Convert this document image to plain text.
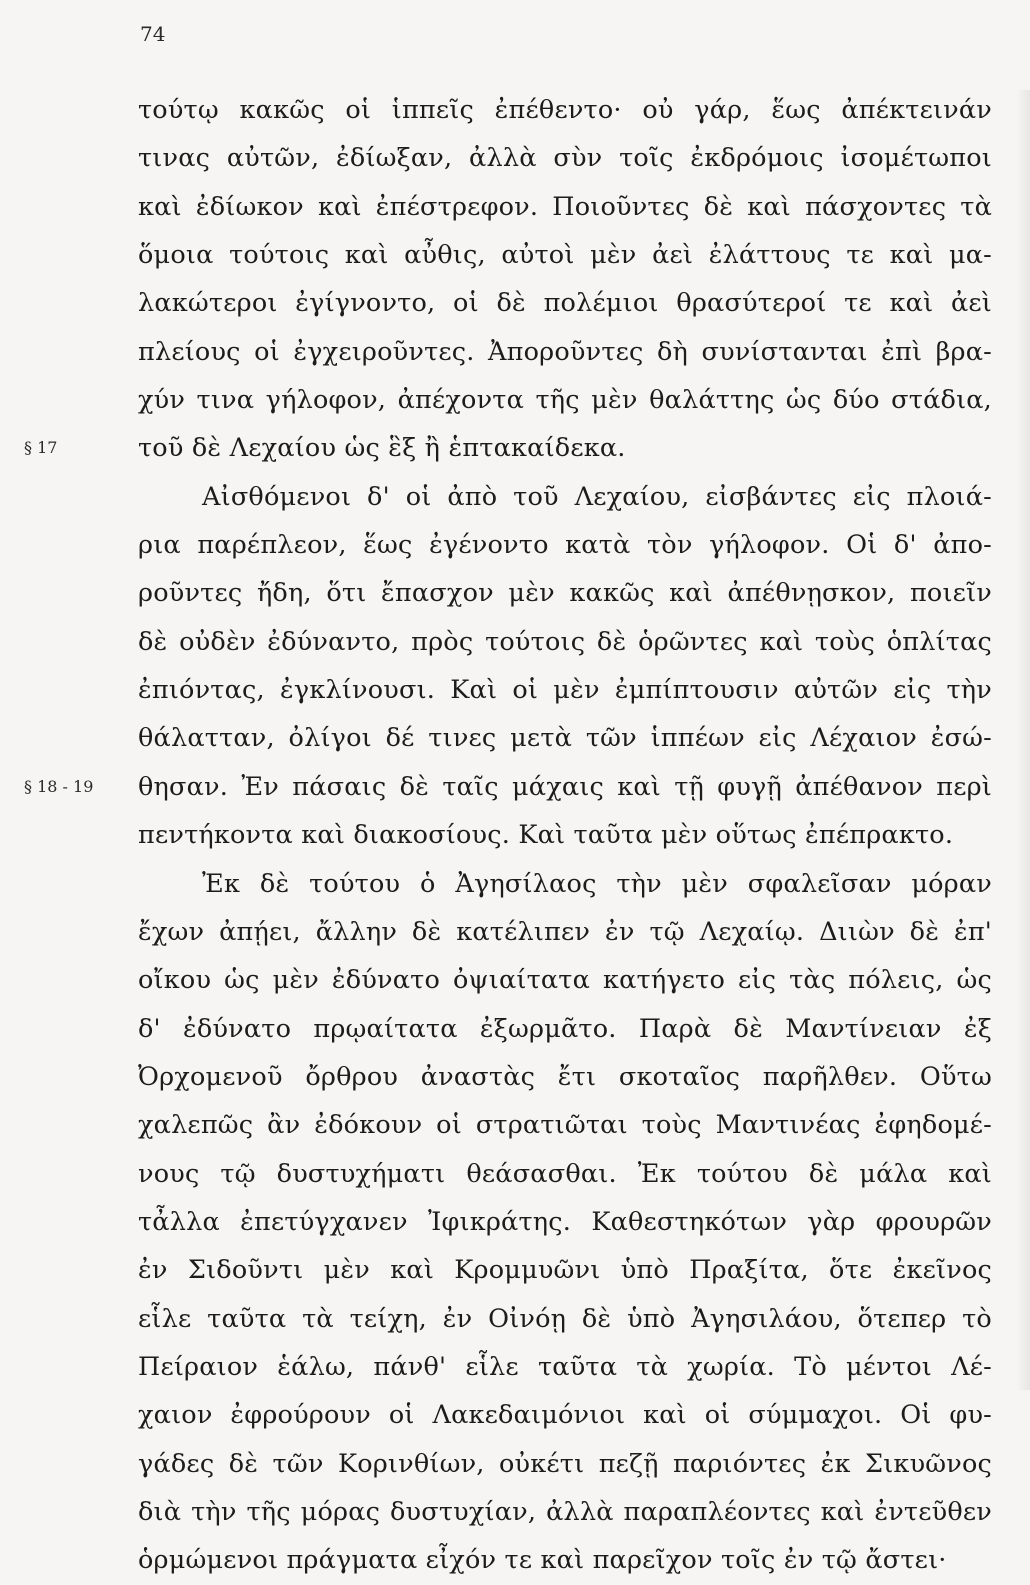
74
§ 17
§ 18 - 19
τούτῳ κακῶς οἱ ἱππεῖς ἐπέθεντο· οὐ γάρ, ἕως ἀπέκτεινάν
τινας αὐτῶν, ἐδίωξαν, ἀλλὰ σὺν τοῖς ἐκδρόμοις ἰσομέτωποι
καὶ ἐδίωκον καὶ ἐπέστρεφον. Ποιοῦντες δὲ καὶ πάσχοντες τὰ
ὅμοια τούτοις καὶ αὖθις, αὐτοὶ μὲν ἀεὶ ἐλάττους τε καὶ μα-
λακώτεροι ἐγίγνοντο, οἱ δὲ πολέμιοι θρασύτεροί τε καὶ ἀεὶ
πλείους οἱ ἐγχειροῦντες. Ἀποροῦντες δὴ συνίστανται ἐπὶ βρα-
χύν τινα γήλοφον, ἀπέχοντα τῆς μὲν θαλάττης ὡς δύο στάδια,
τοῦ δὲ Λεχαίου ὡς ἓξ ἢ ἑπτακαίδεκα.
Αἰσθόμενοι δ' οἱ ἀπὸ τοῦ Λεχαίου, εἰσβάντες εἰς πλοιά-
ρια παρέπλεον, ἕως ἐγένοντο κατὰ τὸν γήλοφον. Οἱ δ' ἀπο-
ροῦντες ἤδη, ὅτι ἔπασχον μὲν κακῶς καὶ ἀπέθνῃσκον, ποιεῖν
δὲ οὐδὲν ἐδύναντο, πρὸς τούτοις δὲ ὁρῶντες καὶ τοὺς ὁπλίτας
ἐπιόντας, ἐγκλίνουσι. Καὶ οἱ μὲν ἐμπίπτουσιν αὐτῶν εἰς τὴν
θάλατταν, ὀλίγοι δέ τινες μετὰ τῶν ἱππέων εἰς Λέχαιον ἐσώ-
θησαν. Ἐν πάσαις δὲ ταῖς μάχαις καὶ τῇ φυγῇ ἀπέθανον περὶ
πεντήκοντα καὶ διακοσίους. Καὶ ταῦτα μὲν οὕτως ἐπέπρακτο.
Ἐκ δὲ τούτου ὁ Ἀγησίλαος τὴν μὲν σφαλεῖσαν μόραν
ἔχων ἀπῄει, ἄλλην δὲ κατέλιπεν ἐν τῷ Λεχαίῳ. Διιὼν δὲ ἐπ'
οἴκου ὡς μὲν ἐδύνατο ὀψιαίτατα κατήγετο εἰς τὰς πόλεις, ὡς
δ' ἐδύνατο πρῳαίτατα ἐξωρμᾶτο. Παρὰ δὲ Μαντίνειαν ἐξ
Ὀρχομενοῦ ὄρθρου ἀναστὰς ἔτι σκοταῖος παρῆλθεν. Οὕτω
χαλεπῶς ἂν ἐδόκουν οἱ στρατιῶται τοὺς Μαντινέας ἐφηδομέ-
νους τῷ δυστυχήματι θεάσασθαι. Ἐκ τούτου δὲ μάλα καὶ
τἆλλα ἐπετύγχανεν Ἰφικράτης. Καθεστηκότων γὰρ φρουρῶν
ἐν Σιδοῦντι μὲν καὶ Κρομμυῶνι ὑπὸ Πραξίτα, ὅτε ἐκεῖνος
εἷλε ταῦτα τὰ τείχη, ἐν Οἰνόῃ δὲ ὑπὸ Ἀγησιλάου, ὅτεπερ τὸ
Πείραιον ἑάλω, πάνθ' εἷλε ταῦτα τὰ χωρία. Τὸ μέντοι Λέ-
χαιον ἐφρούρουν οἱ Λακεδαιμόνιοι καὶ οἱ σύμμαχοι. Οἱ φυ-
γάδες δὲ τῶν Κορινθίων, οὐκέτι πεζῇ παριόντες ἐκ Σικυῶνος
διὰ τὴν τῆς μόρας δυστυχίαν, ἀλλὰ παραπλέοντες καὶ ἐντεῦθεν
ὁρμώμενοι πράγματα εἶχόν τε καὶ παρεῖχον τοῖς ἐν τῷ ἄστει·
